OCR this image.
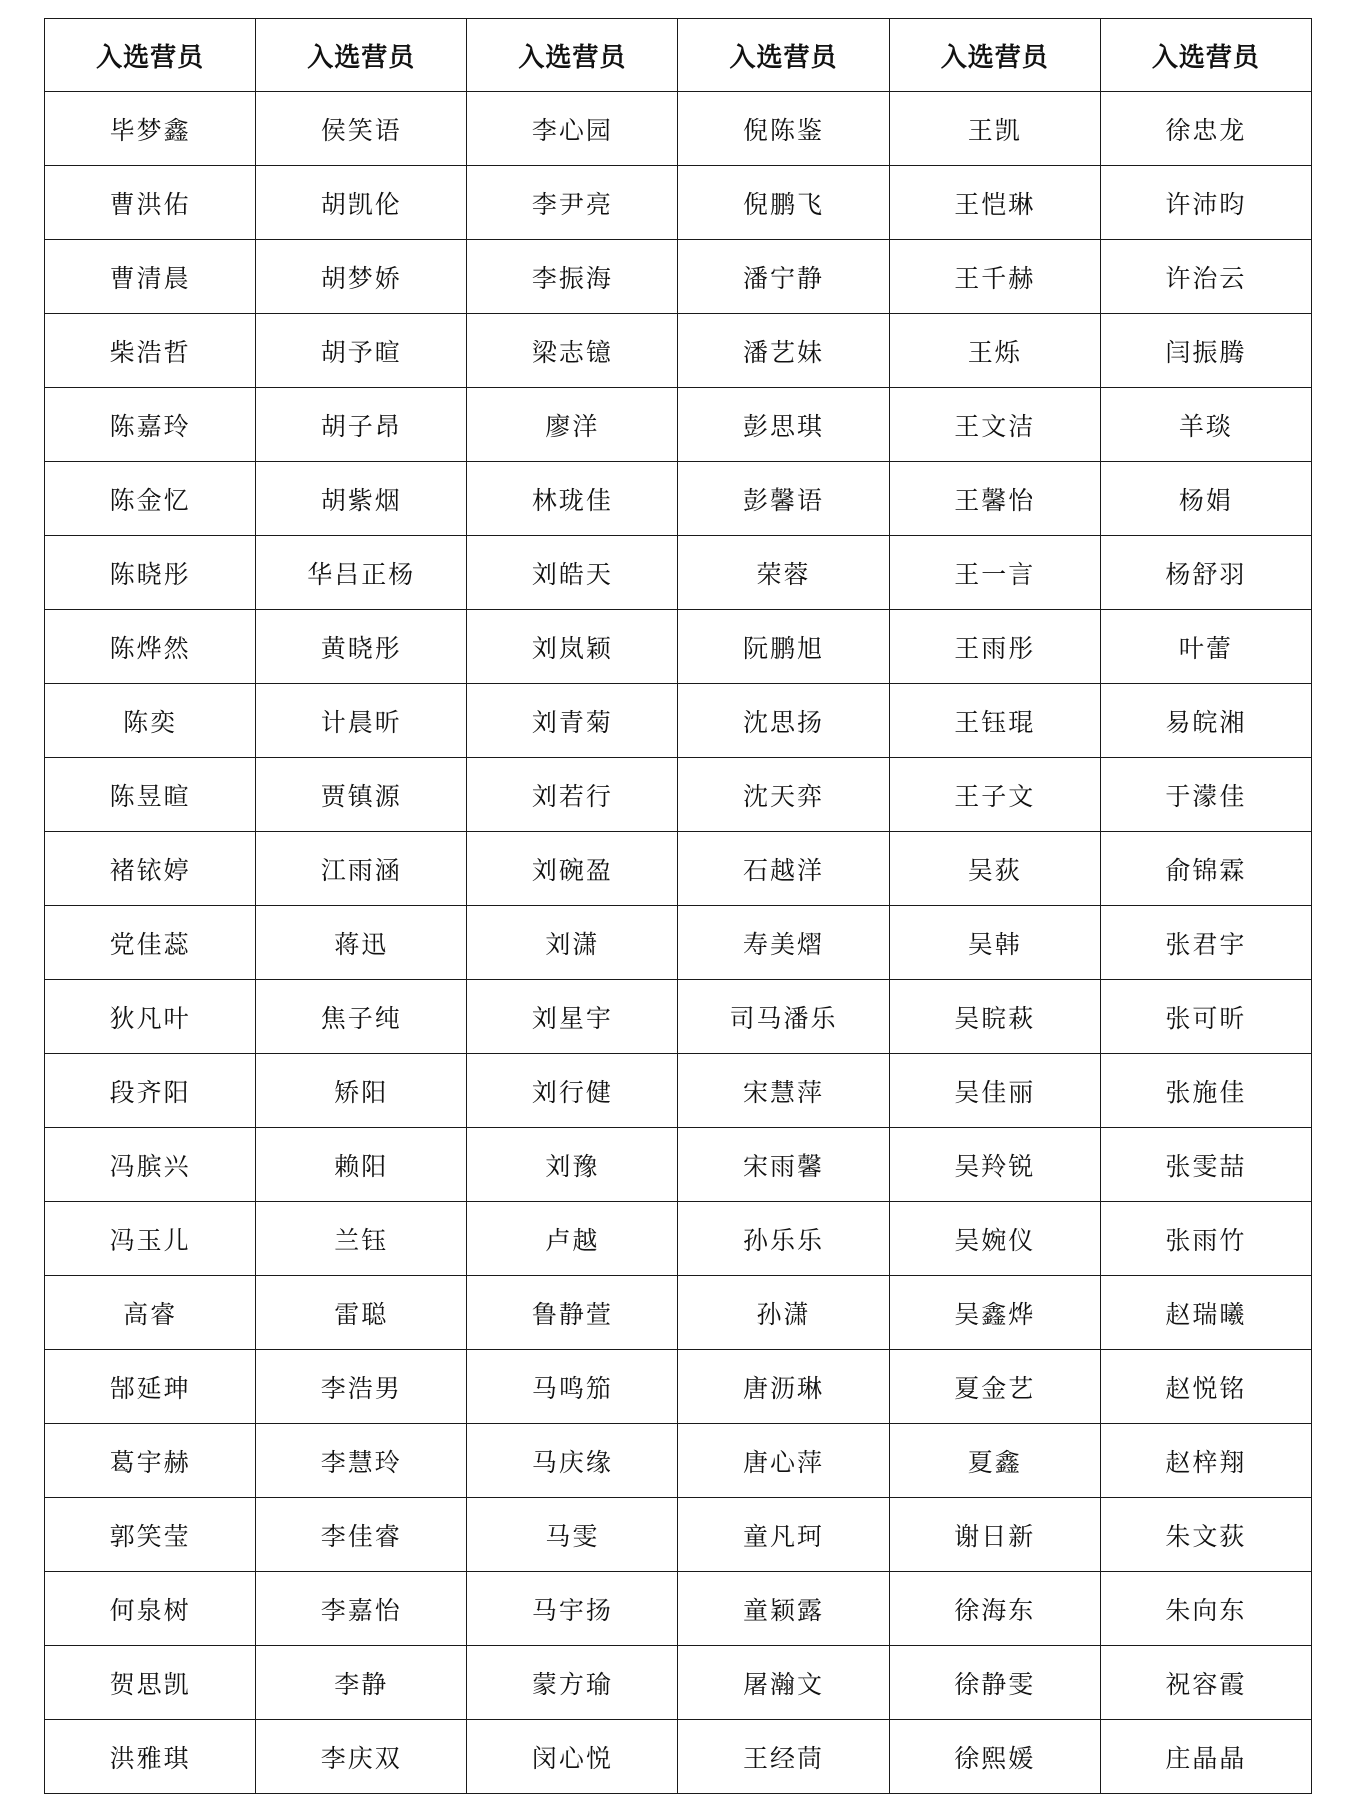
入选营员	入选营员	入选营员	入选营员	入选营员	入选营员
毕梦鑫	侯笑语	李心园	倪陈鉴	王凯	徐忠龙
曹洪佑	胡凯伦	李尹亮	倪鹏飞	王恺琳	许沛昀
曹清晨	胡梦娇	李振海	潘宁静	王千赫	许治云
柴浩哲	胡予暄	梁志镱	潘艺妹	王烁	闫振腾
陈嘉玲	胡子昂	廖洋	彭思琪	王文洁	羊琰
陈金忆	胡紫烟	林珑佳	彭馨语	王馨怡	杨娟
陈晓彤	华吕正杨	刘皓天	荣蓉	王一言	杨舒羽
陈烨然	黄晓彤	刘岚颖	阮鹏旭	王雨彤	叶蕾
陈奕	计晨昕	刘青菊	沈思扬	王钰琨	易皖湘
陈昱暄	贾镇源	刘若行	沈天弈	王子文	于濛佳
褚铱婷	江雨涵	刘碗盈	石越洋	吴荻	俞锦霖
党佳蕊	蒋迅	刘潇	寿美熠	吴韩	张君宇
狄凡叶	焦子纯	刘星宇	司马潘乐	吴睆萩	张可昕
段齐阳	矫阳	刘行健	宋慧萍	吴佳丽	张施佳
冯膑兴	赖阳	刘豫	宋雨馨	吴羚锐	张雯喆
冯玉儿	兰钰	卢越	孙乐乐	吴婉仪	张雨竹
高睿	雷聪	鲁静萱	孙潇	吴鑫烨	赵瑞曦
郜延珅	李浩男	马鸣笳	唐沥琳	夏金艺	赵悦铭
葛宇赫	李慧玲	马庆缘	唐心萍	夏鑫	赵梓翔
郭笑莹	李佳睿	马雯	童凡珂	谢日新	朱文荻
何泉树	李嘉怡	马宇扬	童颖露	徐海东	朱向东
贺思凯	李静	蒙方瑜	屠瀚文	徐静雯	祝容霞
洪雅琪	李庆双	闵心悦	王经茼	徐熙媛	庄晶晶
